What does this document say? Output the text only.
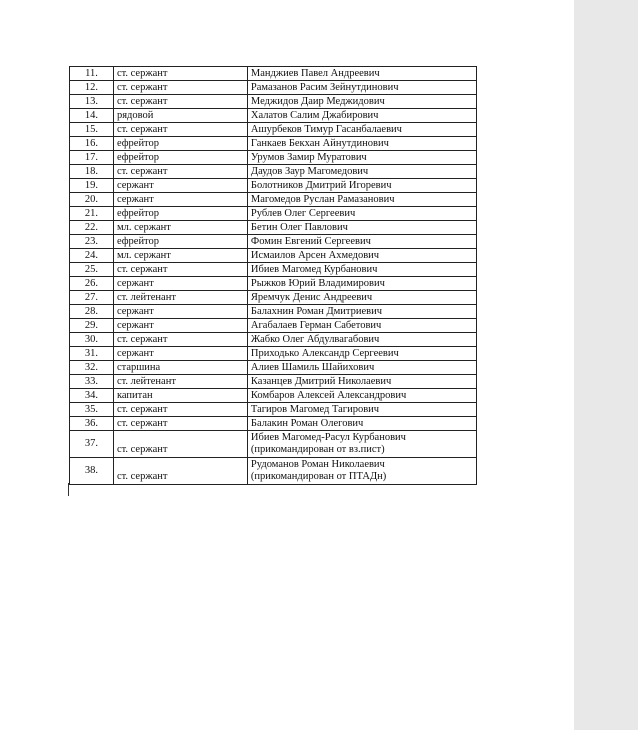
11.	ст. сержант	Манджиев Павел Андреевич

12.	ст. сержант	Рамазанов Расим Зейнутдинович

13.	ст. сержант	Меджидов Даир Меджидович

14.	рядовой	Халатов Салим Джабирович

15.	ст. сержант	Ашурбеков Тимур Гасанбалаевич

16.	ефрейтор	Ганкаев Бекхан Айнутдинович

17.	ефрейтор	Урумов Замир Муратович

18.	ст. сержант	Даудов Заур Магомедович

19.	сержант	Болотников Дмитрий Игоревич

20.	сержант	Магомедов Руслан Рамазанович

21.	ефрейтор	Рублев Олег Сергеевич

22.	мл. сержант	Бетин Олег Павлович

23.	ефрейтор	Фомин Евгений Сергеевич

24.	мл. сержант	Исмаилов Арсен Ахмедович

25.	ст. сержант	Ибиев Магомед Курбанович

26.	сержант	Рыжков Юрий Владимирович

27.	ст. лейтенант	Яремчук Денис Андреевич

28.	сержант	Балахнин Роман Дмитриевич

29.	сержант	Агабалаев Герман Сабетович

30.	ст. сержант	Жабко Олег Абдулвагабович

31.	сержант	Приходько Александр Сергеевич

32.	старшина	Алиев Шамиль Шайихович

33.	ст. лейтенант	Казанцев Дмитрий Николаевич

34.	капитан	Комбаров Алексей Александрович

35.	ст. сержант	Тагиров Магомед Тагирович

36.	ст. сержант	Балакин Роман Олегович

37.	ст. сержант	Ибиев Магомед-Расул Курбанович
(прикомандирован от вз.пист)

38.	ст. сержант	Рудоманов Роман Николаевич
(прикомандирован от ПТАДн)
